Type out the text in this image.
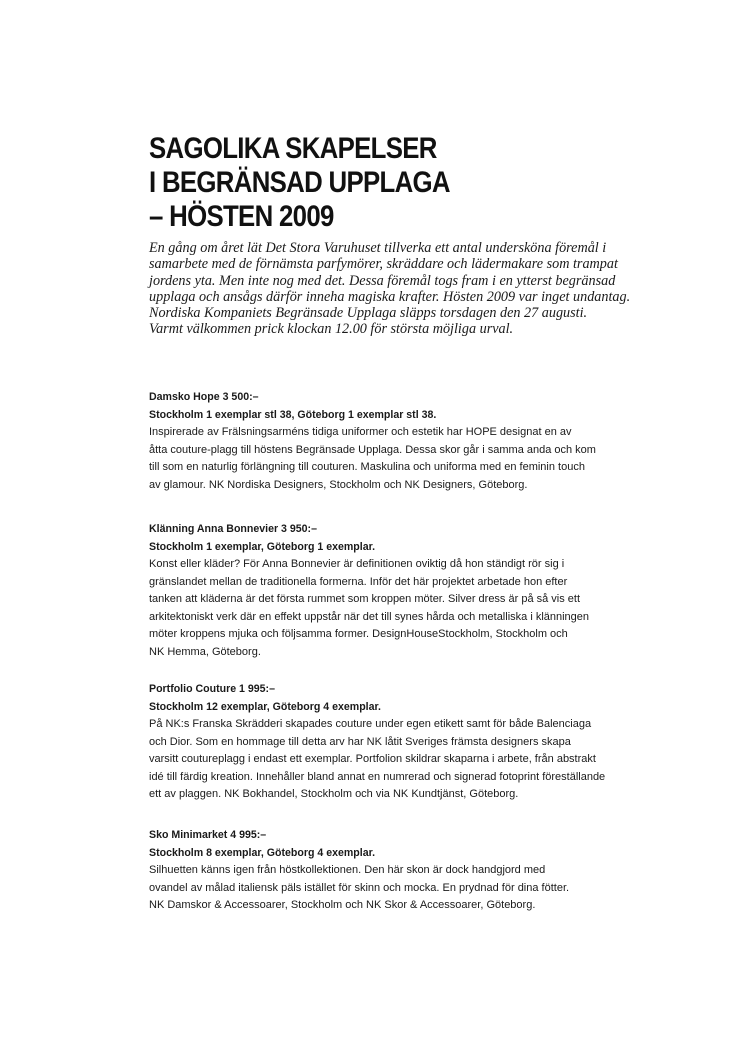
SAGOLIKA SKAPELSER
I BEGRÄNSAD UPPLAGA
– HÖSTEN 2009

En gång om året lät Det Stora Varuhuset tillverka ett antal underskönа föremål i
samarbete med de förnämsta parfymörer, skräddare och lädermakare som trampat
jordens yta. Men inte nog med det. Dessa föremål togs fram i en ytterst begränsad
upplaga och ansågs därför inneha magiska krafter. Hösten 2009 var inget undantag.
Nordiska Kompaniets Begränsade Upplaga släpps torsdagen den 27 augusti.
Varmt välkommen prick klockan 12.00 för största möjliga urval.

Damsko Hope 3 500:–
Stockholm 1 exemplar stl 38, Göteborg 1 exemplar stl 38.
Inspirerade av Frälsningsarméns tidiga uniformer och estetik har HOPE designat en av
åtta couture-plagg till höstens Begränsade Upplaga. Dessa skor går i samma anda och kom
till som en naturlig förlängning till couturen. Maskulina och uniforma med en feminin touch
av glamour. NK Nordiska Designers, Stockholm och NK Designers, Göteborg.
Klänning Anna Bonnevier 3 950:–
Stockholm 1 exemplar, Göteborg 1 exemplar.
Konst eller kläder? För Anna Bonnevier är definitionen oviktig då hon ständigt rör sig i
gränslandet mellan de traditionella formerna. Inför det här projektet arbetade hon efter
tanken att kläderna är det första rummet som kroppen möter. Silver dress är på så vis ett
arkitektoniskt verk där en effekt uppstår när det till synes hårda och metalliska i klänningen
möter kroppens mjuka och följsamma former. DesignHouseStockholm, Stockholm och
NK Hemma, Göteborg.
Portfolio Couture 1 995:–
Stockholm 12 exemplar, Göteborg 4 exemplar.
På NK:s Franska Skrädderi skapades couture under egen etikett samt för både Balenciaga
och Dior. Som en hommage till detta arv har NK låtit Sveriges främsta designers skapa
varsitt coutureplagg i endast ett exemplar. Portfolion skildrar skaparna i arbete, från abstrakt
idé till färdig kreation. Innehåller bland annat en numrerad och signerad fotoprint föreställande
ett av plaggen. NK Bokhandel, Stockholm och via NK Kundtjänst, Göteborg.
Sko Minimarket 4 995:–
Stockholm 8 exemplar, Göteborg 4 exemplar.
Silhuetten känns igen från höstkollektionen. Den här skon är dock handgjord med
ovandel av målad italiensk päls istället för skinn och mocka. En prydnad för dina fötter.
NK Damskor & Accessoarer, Stockholm och NK Skor & Accessoarer, Göteborg.
